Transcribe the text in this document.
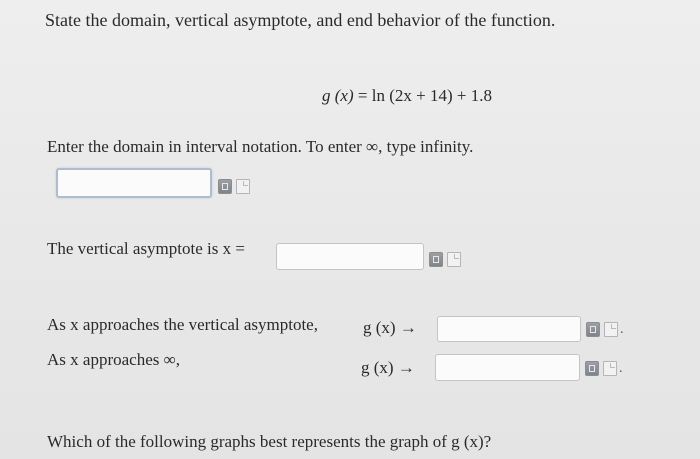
State the domain, vertical asymptote, and end behavior of the function.
g (x) = ln (2x + 14) + 1.8
Enter the domain in interval notation. To enter ∞, type infinity.
The vertical asymptote is x =
As x approaches the vertical asymptote,	g (x) →	.
As x approaches ∞,	g (x) →	.
Which of the following graphs best represents the graph of g (x)?
